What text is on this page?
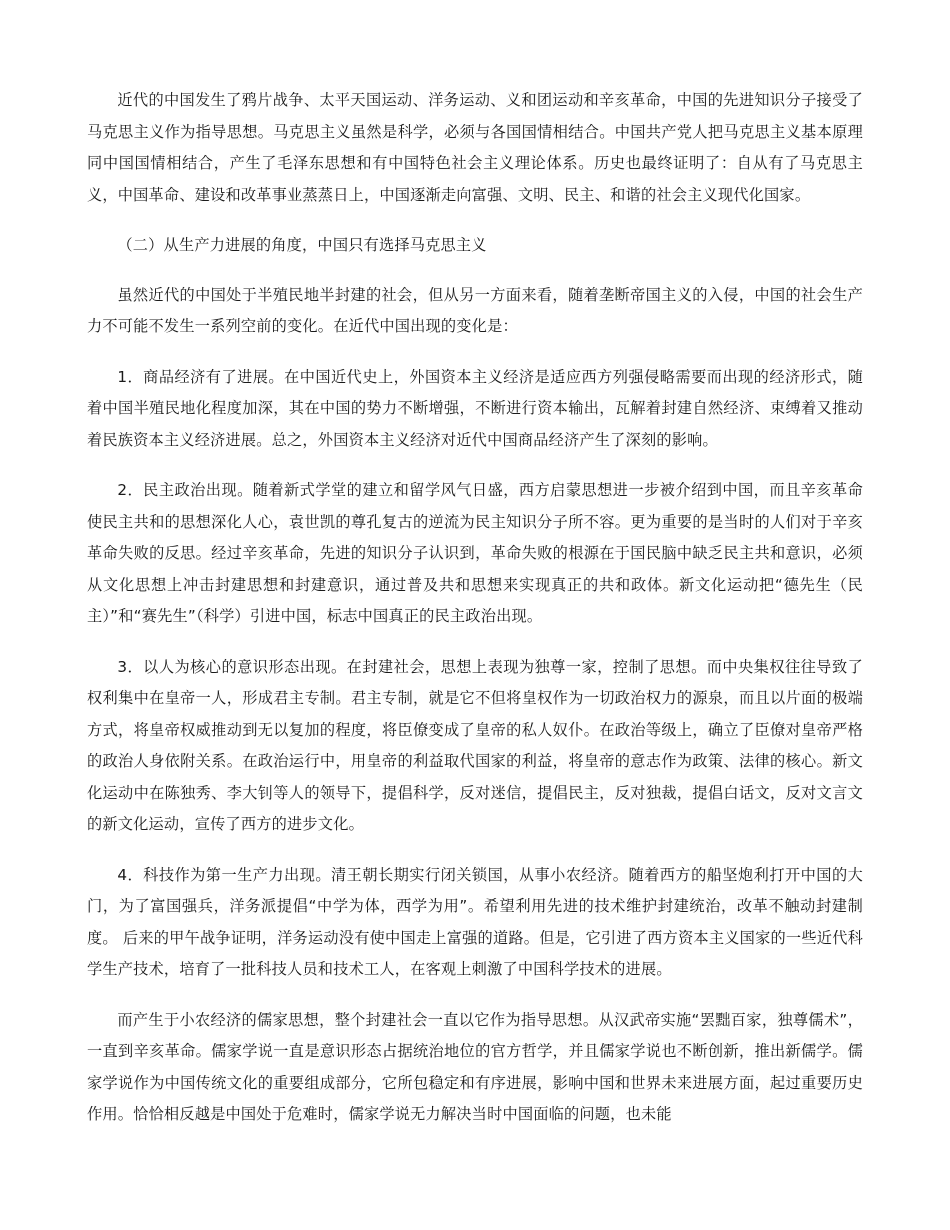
近代的中国发生了鸦片战争、太平天国运动、洋务运动、义和团运动和辛亥革命，中国的先进知识分子接受了马克思主义作为指导思想。马克思主义虽然是科学，必须与各国国情相结合。中国共产党人把马克思主义基本原理同中国国情相结合，产生了毛泽东思想和有中国特色社会主义理论体系。历史也最终证明了：自从有了马克思主义，中国革命、建设和改革事业蒸蒸日上，中国逐渐走向富强、文明、民主、和谐的社会主义现代化国家。

（二）从生产力进展的角度，中国只有选择马克思主义

虽然近代的中国处于半殖民地半封建的社会，但从另一方面来看，随着垄断帝国主义的入侵，中国的社会生产力不可能不发生一系列空前的变化。在近代中国出现的变化是：

1．商品经济有了进展。在中国近代史上，外国资本主义经济是适应西方列强侵略需要而出现的经济形式，随着中国半殖民地化程度加深，其在中国的势力不断增强，不断进行资本输出，瓦解着封建自然经济、束缚着又推动着民族资本主义经济进展。总之，外国资本主义经济对近代中国商品经济产生了深刻的影响。

2．民主政治出现。随着新式学堂的建立和留学风气日盛，西方启蒙思想进一步被介绍到中国，而且辛亥革命使民主共和的思想深化人心，袁世凯的尊孔复古的逆流为民主知识分子所不容。更为重要的是当时的人们对于辛亥革命失败的反思。经过辛亥革命，先进的知识分子认识到，革命失败的根源在于国民脑中缺乏民主共和意识，必须从文化思想上冲击封建思想和封建意识，通过普及共和思想来实现真正的共和政体。新文化运动把“德先生（民主）”和“赛先生”（科学）引进中国，标志中国真正的民主政治出现。

3．以人为核心的意识形态出现。在封建社会，思想上表现为独尊一家，控制了思想。而中央集权往往导致了权利集中在皇帝一人，形成君主专制。君主专制，就是它不但将皇权作为一切政治权力的源泉，而且以片面的极端方式，将皇帝权威推动到无以复加的程度，将臣僚变成了皇帝的私人奴仆。在政治等级上，确立了臣僚对皇帝严格的政治人身依附关系。在政治运行中，用皇帝的利益取代国家的利益，将皇帝的意志作为政策、法律的核心。新文化运动中在陈独秀、李大钊等人的领导下，提倡科学，反对迷信，提倡民主，反对独裁，提倡白话文，反对文言文的新文化运动，宣传了西方的进步文化。

4．科技作为第一生产力出现。清王朝长期实行闭关锁国，从事小农经济。随着西方的船坚炮利打开中国的大门，为了富国强兵，洋务派提倡“中学为体，西学为用”。希望利用先进的技术维护封建统治，改革不触动封建制度。 后来的甲午战争证明，洋务运动没有使中国走上富强的道路。但是，它引进了西方资本主义国家的一些近代科学生产技术，培育了一批科技人员和技术工人，在客观上刺激了中国科学技术的进展。

而产生于小农经济的儒家思想，整个封建社会一直以它作为指导思想。从汉武帝实施“罢黜百家，独尊儒术”，一直到辛亥革命。儒家学说一直是意识形态占据统治地位的官方哲学，并且儒家学说也不断创新，推出新儒学。儒家学说作为中国传统文化的重要组成部分，它所包稳定和有序进展，影响中国和世界未来进展方面，起过重要历史作用。恰恰相反越是中国处于危难时，儒家学说无力解决当时中国面临的问题，也未能
